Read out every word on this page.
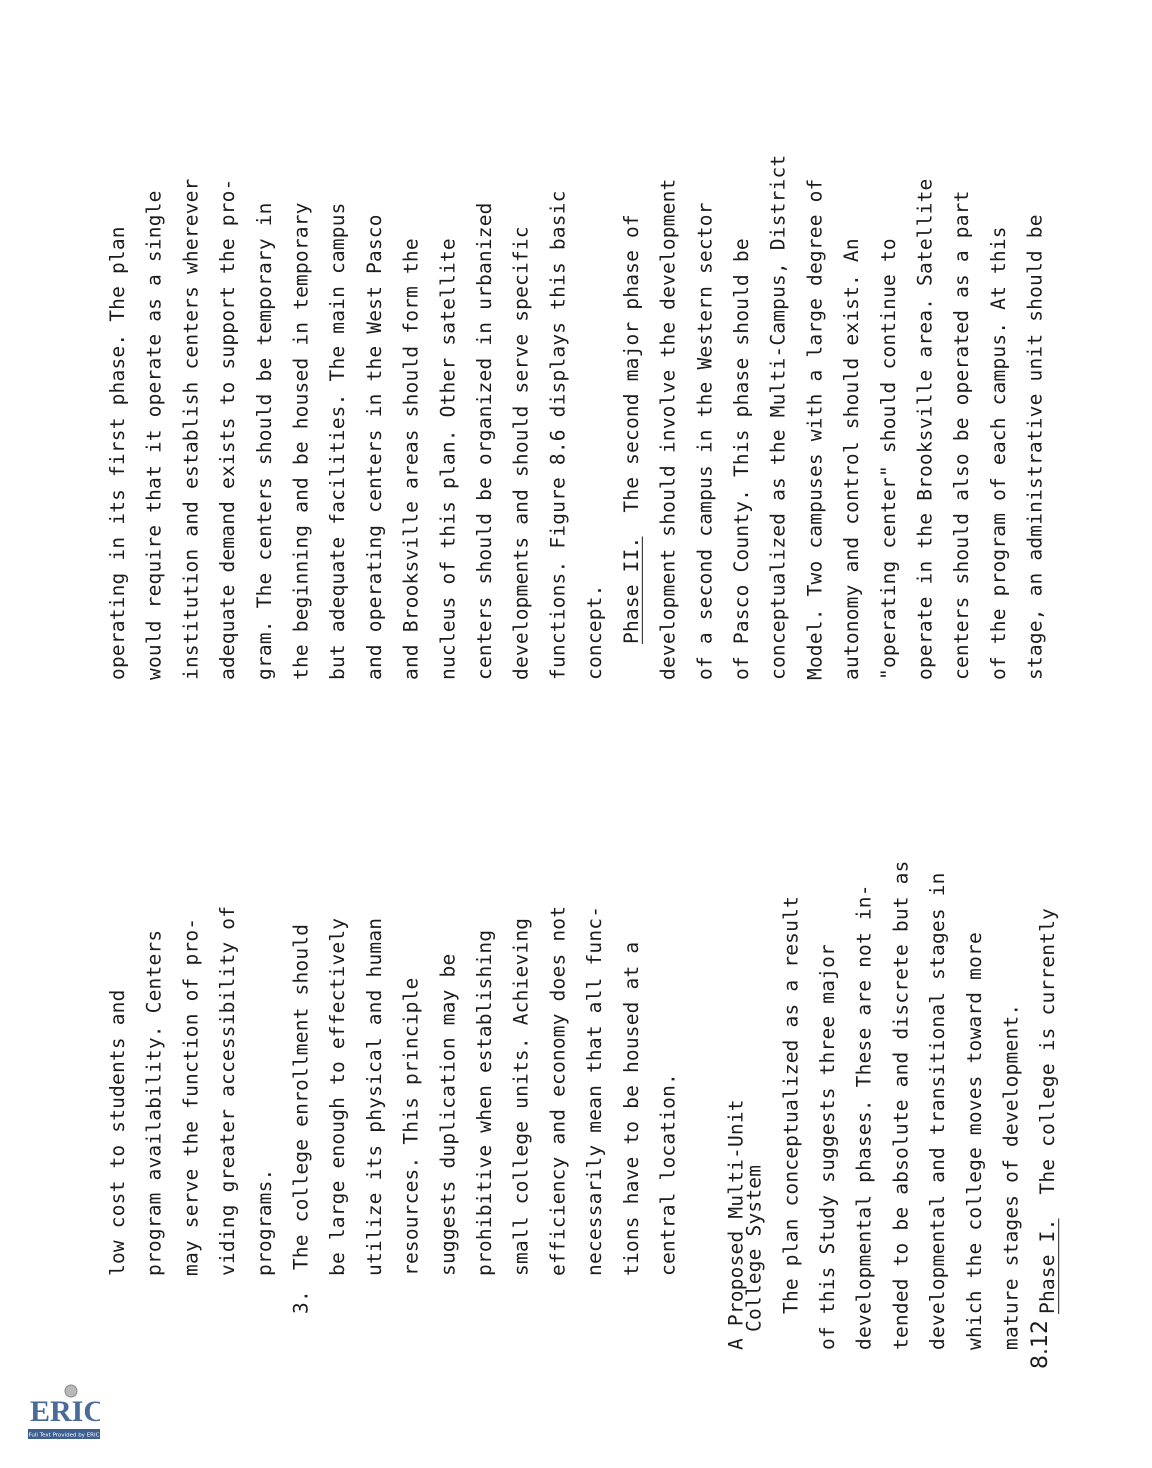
ERIC
Full Text Provided by ERIC
low cost to students and program availability. Centers may serve the function of pro- viding greater accessibility of programs.
3.The college enrollment should be large enough to effectively utilize its physical and human resources. This principle suggests duplication may be prohibitive when establishing small college units. Achieving efficiency and economy does not necessarily mean that all func- tions have to be housed at a central location.	A Proposed Multi-Unit
College System The plan conceptualized as a result of this Study suggests three major developmental phases. These are not in- tended to be absolute and discrete but as developmental and transitional stages in which the college moves toward more mature stages of development. Phase I.  The college is currently
operating in its first phase. The plan would require that it operate as a single institution and establish centers wherever adequate demand exists to support the pro- gram. The centers should be temporary in the beginning and be housed in temporary but adequate facilities. The main campus and operating centers in the West Pasco and Brooksville areas should form the nucleus of this plan. Other satellite centers should be organized in urbanized developments and should serve specific functions. Figure 8.6 displays this basic concept. Phase II.  The second major phase of development should involve the development of a second campus in the Western sector of Pasco County. This phase should be conceptualized as the Multi-Campus, District Model. Two campuses with a large degree of autonomy and control should exist. An "operating center" should continue to operate in the Brooksville area. Satellite centers should also be operated as a part of the program of each campus. At this stage, an administrative unit should be
8.12
